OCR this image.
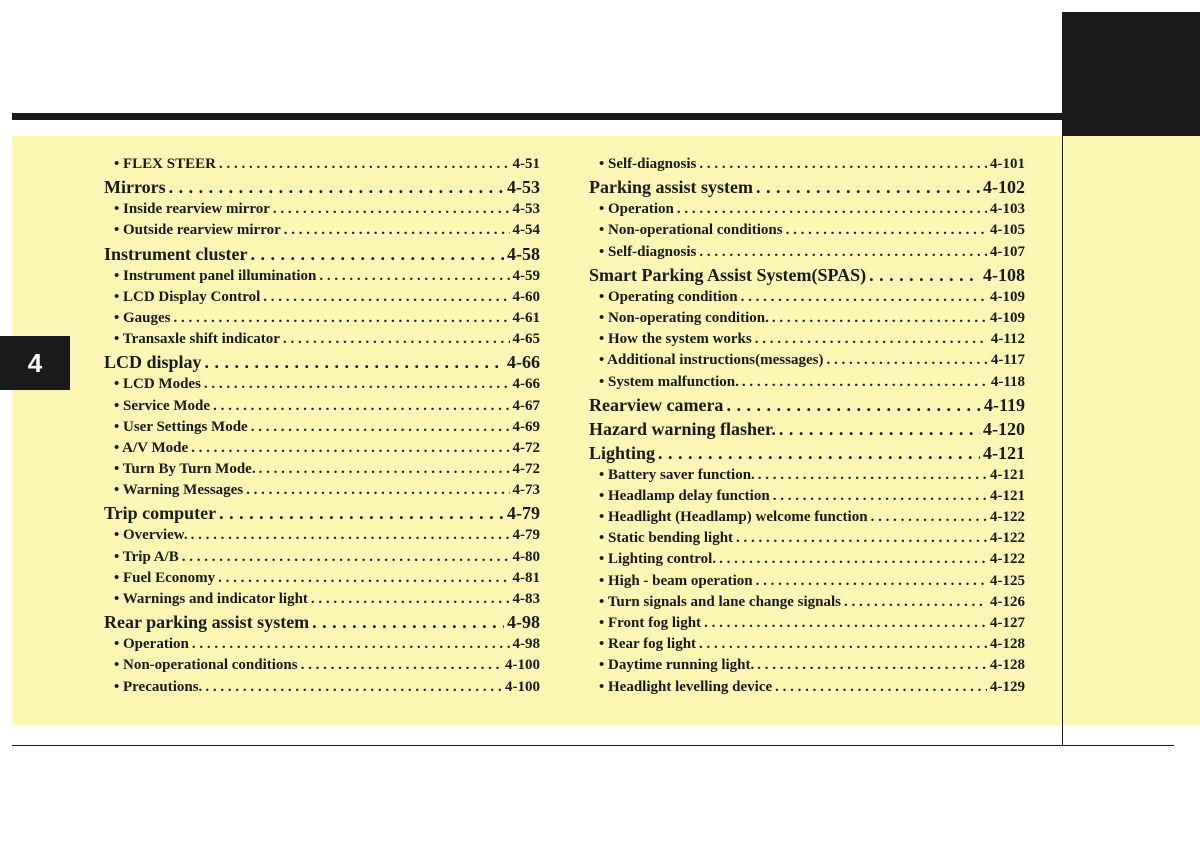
4
• FLEX STEER . . .	4-51
Mirrors . . .	4-53
• Inside rearview mirror . . .	4-53
• Outside rearview mirror . . .	4-54
Instrument cluster . . .	4-58
• Instrument panel illumination . . .	4-59
• LCD Display Control . . .	4-60
• Gauges . . .	4-61
• Transaxle shift indicator . . .	4-65
LCD display . . .	4-66
• LCD Modes . . .	4-66
• Service Mode . . .	4-67
• User Settings Mode . . .	4-69
• A/V Mode . . .	4-72
• Turn By Turn Mode. . . .	4-72
• Warning Messages . . .	4-73
Trip computer . . .	4-79
• Overview. . . .	4-79
• Trip A/B . . .	4-80
• Fuel Economy . . .	4-81
• Warnings and indicator light . . .	4-83
Rear parking assist system . . .	4-98
• Operation . . .	4-98
• Non-operational conditions . . .	4-100
• Precautions. . . .	4-100
• Self-diagnosis . . .	4-101
Parking assist system . . .	4-102
• Operation . . .	4-103
• Non-operational conditions . . .	4-105
• Self-diagnosis . . .	4-107
Smart Parking Assist System(SPAS) . . .	4-108
• Operating condition . . .	4-109
• Non-operating condition. . . .	4-109
• How the system works . . .	4-112
• Additional instructions(messages) . . .	4-117
• System malfunction. . . .	4-118
Rearview camera . . .	4-119
Hazard warning flasher. . . .	4-120
Lighting . . .	4-121
• Battery saver function. . . .	4-121
• Headlamp delay function . . .	4-121
• Headlight (Headlamp) welcome function . . .	4-122
• Static bending light . . .	4-122
• Lighting control. . . .	4-122
• High - beam operation . . .	4-125
• Turn signals and lane change signals . . .	4-126
• Front fog light . . .	4-127
• Rear fog light . . .	4-128
• Daytime running light. . . .	4-128
• Headlight levelling device . . .	4-129
